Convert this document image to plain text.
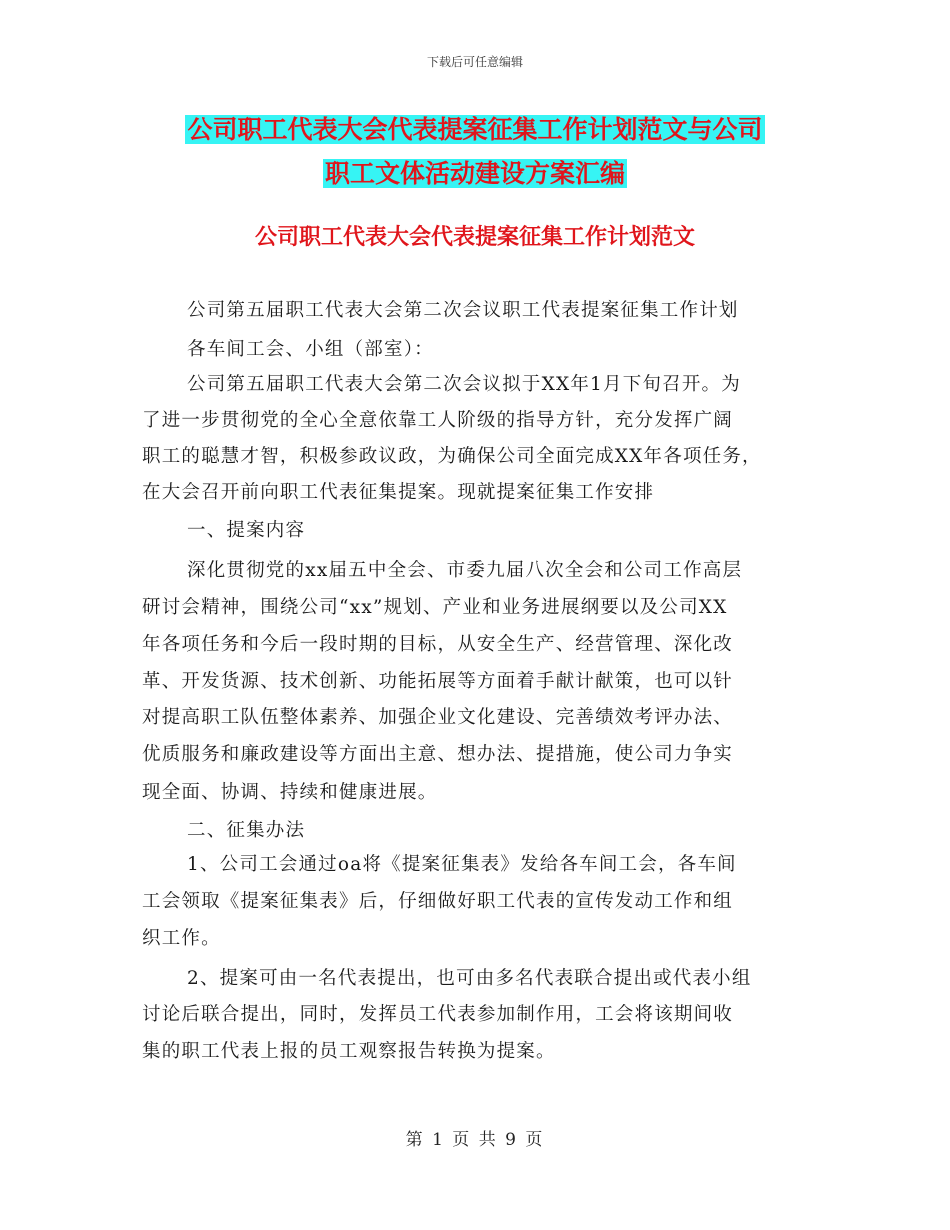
下载后可任意编辑
公司职工代表大会代表提案征集工作计划范文与公司
职工文体活动建设方案汇编
公司职工代表大会代表提案征集工作计划范文
公司第五届职工代表大会第二次会议职工代表提案征集工作计划
各车间工会、小组（部室）：
公司第五届职工代表大会第二次会议拟于XX年1月下旬召开。为
了进一步贯彻党的全心全意依靠工人阶级的指导方针，充分发挥广阔
职工的聪慧才智，积极参政议政，为确保公司全面完成XX年各项任务，
在大会召开前向职工代表征集提案。现就提案征集工作安排
一、提案内容
深化贯彻党的xx届五中全会、市委九届八次全会和公司工作高层
研讨会精神，围绕公司“xx”规划、产业和业务进展纲要以及公司XX
年各项任务和今后一段时期的目标，从安全生产、经营管理、深化改
革、开发货源、技术创新、功能拓展等方面着手献计献策，也可以针
对提高职工队伍整体素养、加强企业文化建设、完善绩效考评办法、
优质服务和廉政建设等方面出主意、想办法、提措施，使公司力争实
现全面、协调、持续和健康进展。
二、征集办法
1、公司工会通过oa将《提案征集表》发给各车间工会，各车间
工会领取《提案征集表》后，仔细做好职工代表的宣传发动工作和组
织工作。
2、提案可由一名代表提出，也可由多名代表联合提出或代表小组
讨论后联合提出，同时，发挥员工代表参加制作用，工会将该期间收
集的职工代表上报的员工观察报告转换为提案。
第 1 页 共 9 页
